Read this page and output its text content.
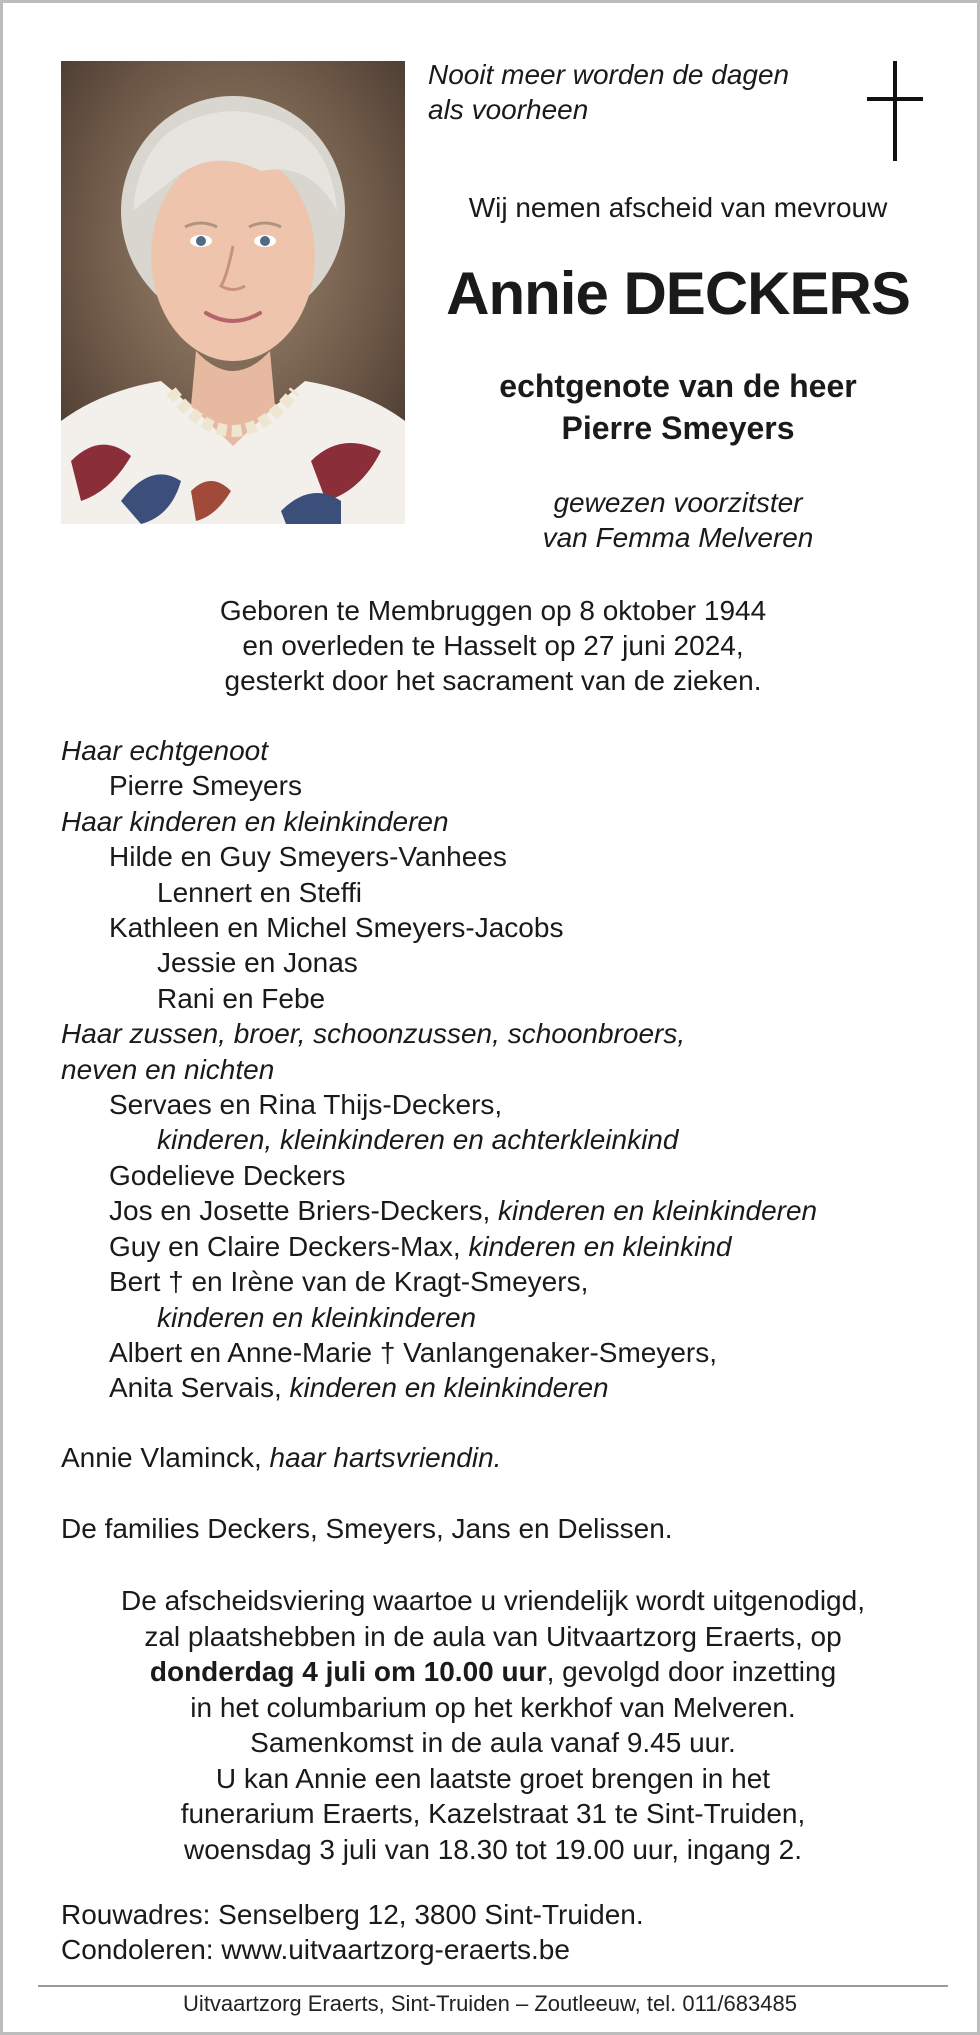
Nooit meer worden de dagen
als voorheen
Wij nemen afscheid van mevrouw
Annie DECKERS
echtgenote van de heer
Pierre Smeyers
gewezen voorzitster
van Femma Melveren
Geboren te Membruggen op 8 oktober 1944
en overleden te Hasselt op 27 juni 2024,
gesterkt door het sacrament van de zieken.
Haar echtgenoot
Pierre Smeyers
Haar kinderen en kleinkinderen
Hilde en Guy Smeyers-Vanhees
Lennert en Steffi
Kathleen en Michel Smeyers-Jacobs
Jessie en Jonas
Rani en Febe
Haar zussen, broer, schoonzussen, schoonbroers,
neven en nichten
Servaes en Rina Thijs-Deckers,
kinderen, kleinkinderen en achterkleinkind
Godelieve Deckers
Jos en Josette Briers-Deckers, kinderen en kleinkinderen
Guy en Claire Deckers-Max, kinderen en kleinkind
Bert † en Irène van de Kragt-Smeyers,
kinderen en kleinkinderen
Albert en Anne-Marie † Vanlangenaker-Smeyers,
Anita Servais, kinderen en kleinkinderen
Annie Vlaminck, haar hartsvriendin.
De families Deckers, Smeyers, Jans en Delissen.
De afscheidsviering waartoe u vriendelijk wordt uitgenodigd,
zal plaatshebben in de aula van Uitvaartzorg Eraerts, op
donderdag 4 juli om 10.00 uur, gevolgd door inzetting
in het columbarium op het kerkhof van Melveren.
Samenkomst in de aula vanaf 9.45 uur.
U kan Annie een laatste groet brengen in het
funerarium Eraerts, Kazelstraat 31 te Sint-Truiden,
woensdag 3 juli van 18.30 tot 19.00 uur, ingang 2.
Rouwadres: Senselberg 12, 3800 Sint-Truiden.
Condoleren: www.uitvaartzorg-eraerts.be
Uitvaartzorg Eraerts, Sint-Truiden – Zoutleeuw, tel. 011/683485
